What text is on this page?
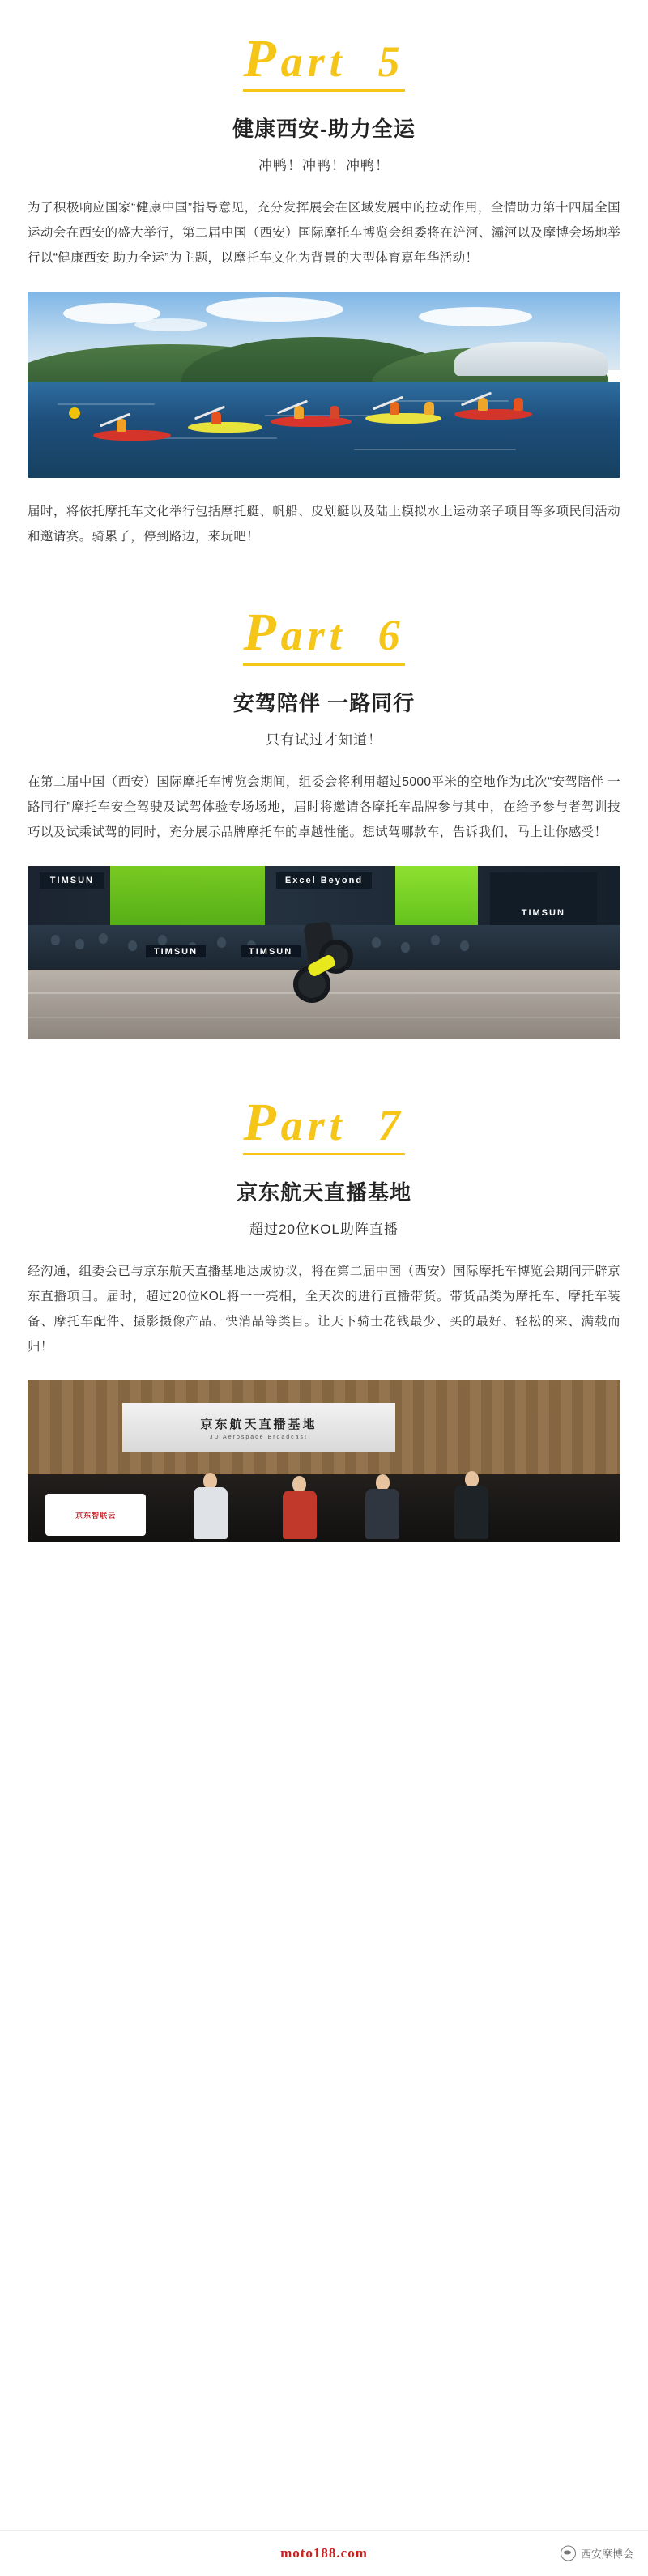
Part 5
健康西安-助力全运
冲鸭！冲鸭！冲鸭！
为了积极响应国家“健康中国”指导意见，充分发挥展会在区域发展中的拉动作用，全情助力第十四届全国运动会在西安的盛大举行，第二届中国（西安）国际摩托车博览会组委将在浐河、灞河以及摩博会场地举行以“健康西安 助力全运”为主题，以摩托车文化为背景的大型体育嘉年华活动！
届时，将依托摩托车文化举行包括摩托艇、帆船、皮划艇以及陆上模拟水上运动亲子项目等多项民间活动和邀请赛。骑累了，停到路边，来玩吧！
Part 6
安驾陪伴 一路同行
只有试过才知道！
在第二届中国（西安）国际摩托车博览会期间，组委会将利用超过5000平米的空地作为此次“安驾陪伴 一路同行”摩托车安全驾驶及试驾体验专场场地，届时将邀请各摩托车品牌参与其中，在给予参与者驾训技巧以及试乘试驾的同时，充分展示品牌摩托车的卓越性能。想试驾哪款车，告诉我们，马上让你感受！
TIMSUN	Excel Beyond
TIMSUN
TIMSUN	TIMSUN
Part 7
京东航天直播基地
超过20位KOL助阵直播
经沟通，组委会已与京东航天直播基地达成协议，将在第二届中国（西安）国际摩托车博览会期间开辟京东直播项目。届时，超过20位KOL将一一亮相，全天次的进行直播带货。带货品类为摩托车、摩托车装备、摩托车配件、摄影摄像产品、快消品等类目。让天下骑士花钱最少、买的最好、轻松的来、满载而归！
京东航天直播基地
JD Aerospace Broadcast
京东智联云
moto188.com	西安摩博会
